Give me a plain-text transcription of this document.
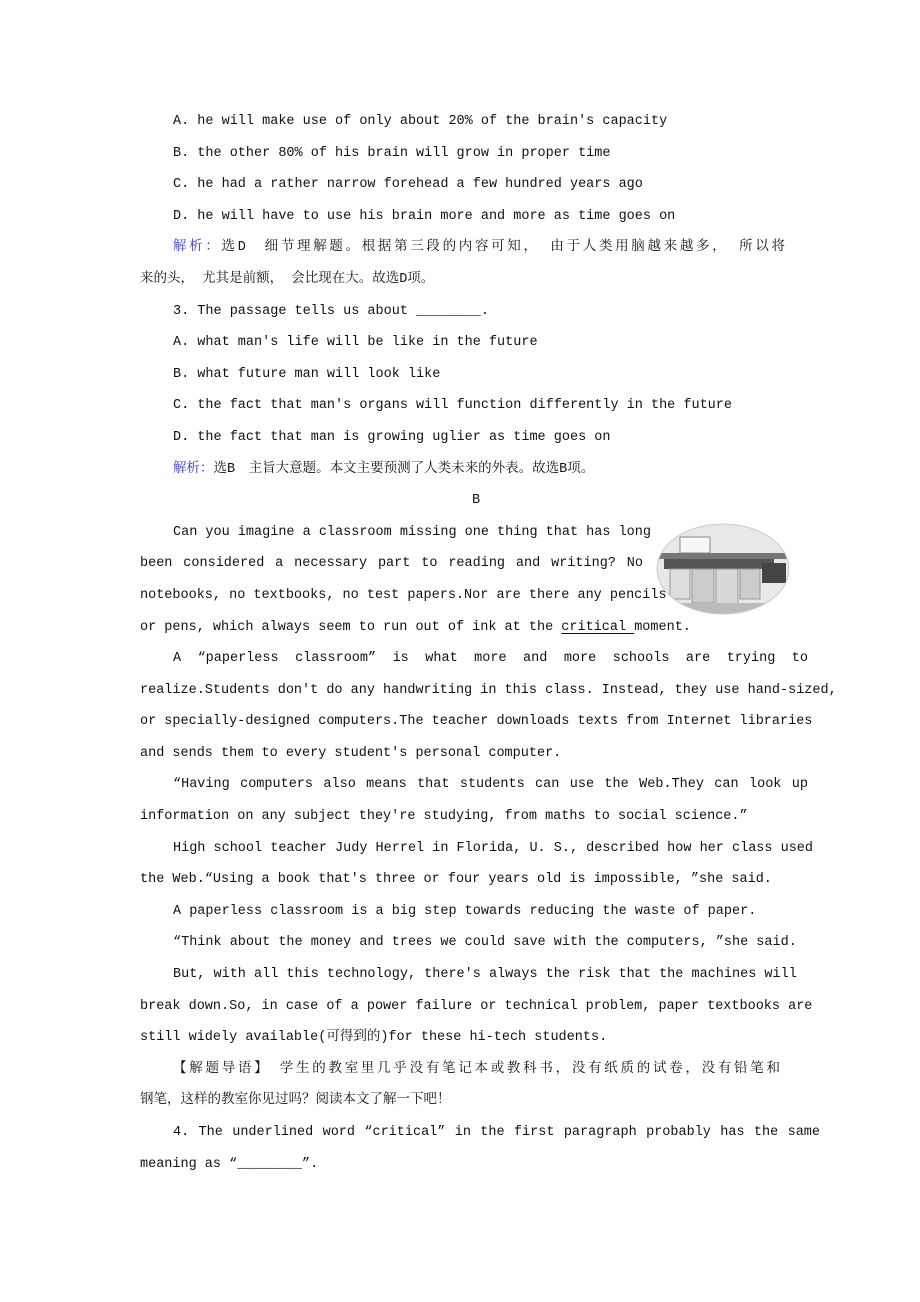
A. he will make use of only about 20% of the brain's capacity
B. the other 80% of his brain will grow in proper time
C. he had a rather narrow forehead a few hundred years ago
D. he will have to use his brain more and more as time goes on
解析：选D　细节理解题。根据第三段的内容可知， 由于人类用脑越来越多， 所以将
来的头， 尤其是前额， 会比现在大。故选D项。
3. The passage tells us about ________.
A. what man's life will be like in the future
B. what future man will look like
C. the fact that man's organs will function differently in the future
D. the fact that man is growing uglier as time goes on
解析：选B　主旨大意题。本文主要预测了人类未来的外表。故选B项。
B
Can you imagine a classroom missing one thing that has long
been considered a necessary part to reading and writing? No
notebooks, no textbooks, no test papers.Nor are there any pencils
or pens, which always seem to run out of ink at the critical moment.
A “paperless classroom” is what more and more schools are trying to
realize.Students don't do any handwriting in this class. Instead, they use hand-sized,
or specially-designed computers.The teacher downloads texts from Internet libraries
and sends them to every student's personal computer.
“Having computers also means that students can use the Web.They can look up
information on any subject they're studying, from maths to social science.”
High school teacher Judy Herrel in Florida, U. S., described how her class used
the Web.“Using a book that's three or four years old is impossible, ”she said.
A paperless classroom is a big step towards reducing the waste of paper.
“Think about the money and trees we could save with the computers, ”she said.
But, with all this technology, there's always the risk that the machines will
break down.So, in case of a power failure or technical problem, paper textbooks are
still widely available(可得到的)for these hi-tech students.
【解题导语】　学生的教室里几乎没有笔记本或教科书，没有纸质的试卷，没有铅笔和
钢笔，这样的教室你见过吗？阅读本文了解一下吧！
4. The underlined word “critical” in the first paragraph probably has the same
meaning as “________”.
